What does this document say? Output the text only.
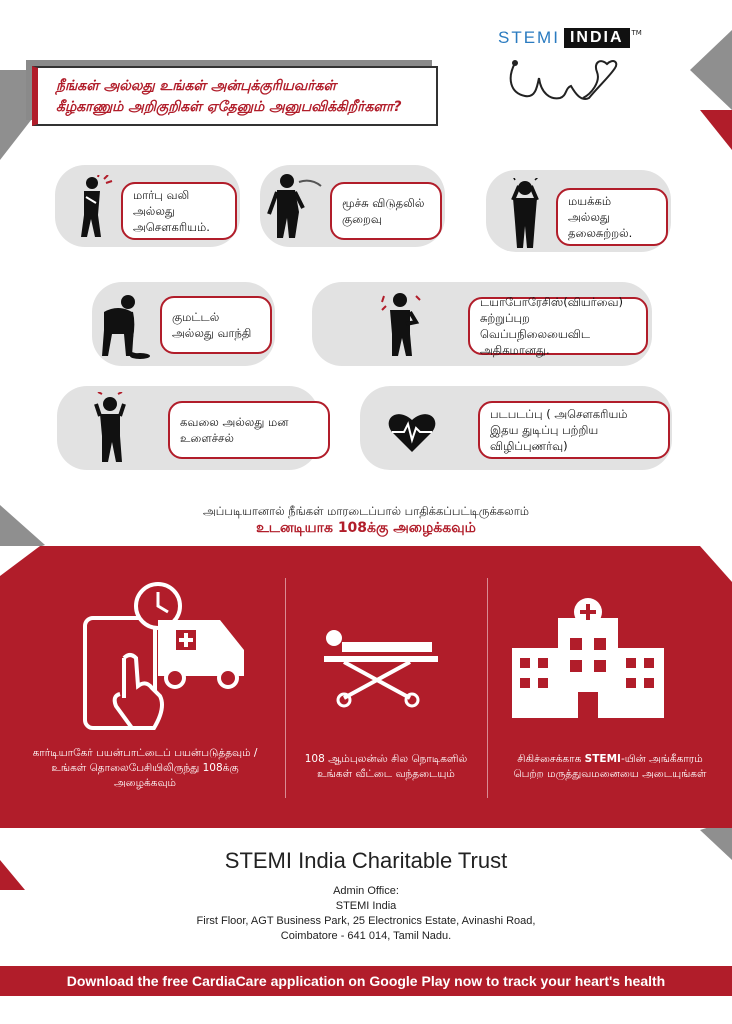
STEMI INDIA	TM
நீங்கள் அல்லது உங்கள் அன்புக்குரியவர்கள்
கீழ்காணும் அறிகுறிகள் ஏதேனும் அனுபவிக்கிறீர்களா?
மார்பு வலி அல்லது அசௌகரியம்.
மூச்சு விடுதலில் குறைவு
மயக்கம் அல்லது தலைசுற்றல்.
குமட்டல் அல்லது வாந்தி
டயாபோரேசிஸ்(வியர்வை) சுற்றுப்புற வெப்பநிலையைவிட அதிகமானது.
கவலை அல்லது மன உளைச்சல்
படபடப்பு ( அசௌகரியம் இதய துடிப்பு பற்றிய விழிப்புணர்வு)
அப்படியானால் நீங்கள் மாரடைப்பால் பாதிக்கப்பட்டிருக்கலாம்
உடனடியாக 108க்கு அழைக்கவும்
கார்டியாகேர் பயன்பாட்டைப் பயன்படுத்தவும் / உங்கள் தொலைபேசியிலிருந்து 108க்கு அழைக்கவும்
108 ஆம்புலன்ஸ் சில நொடிகளில் உங்கள் வீட்டை வந்தடையும்
சிகிச்சைக்காக STEMI-யின் அங்கீகாரம்
பெற்ற மருத்துவமனையை அடையுங்கள்
STEMI India Charitable Trust
Admin Office:
STEMI India
First Floor, AGT Business Park, 25 Electronics Estate, Avinashi Road,
Coimbatore - 641 014, Tamil Nadu.
Download the free CardiaCare application on Google Play now to track your heart's health
